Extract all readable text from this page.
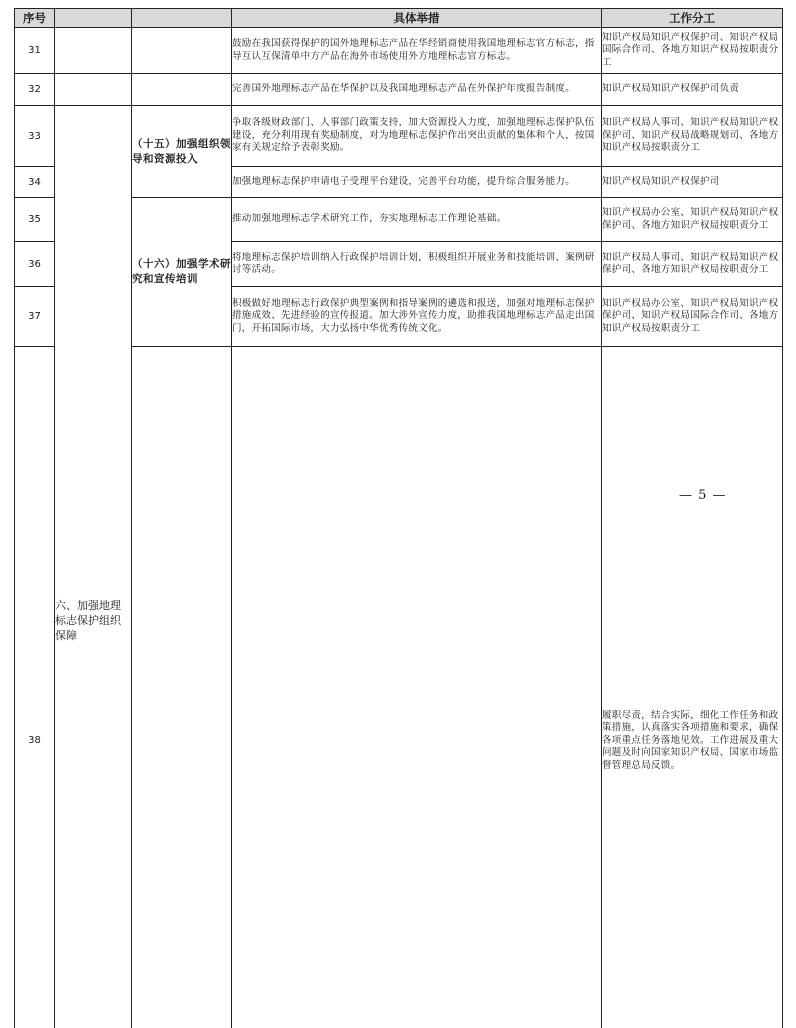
序号			具体举措	工作分工	
31			鼓励在我国获得保护的国外地理标志产品在华经销商使用我国地理标志官方标志，指导互认互保清单中方产品在海外市场使用外方地理标志官方标志。	知识产权局知识产权保护司、知识产权局国际合作司、各地方知识产权局按职责分工	

32			完善国外地理标志产品在华保护以及我国地理标志产品在外保护年度报告制度。	知识产权局知识产权保护司负责	

33	六、加强地理标志保护组织保障	（十五）加强组织领导和资源投入	争取各级财政部门、人事部门政策支持，加大资源投入力度，加强地理标志保护队伍建设，充分利用现有奖励制度，对为地理标志保护作出突出贡献的集体和个人，按国家有关规定给予表彰奖励。	知识产权局人事司、知识产权局知识产权保护司、知识产权局战略规划司、各地方知识产权局按职责分工	

34			加强地理标志保护申请电子受理平台建设，完善平台功能，提升综合服务能力。	知识产权局知识产权保护司	

35		（十六）加强学术研究和宣传培训	推动加强地理标志学术研究工作，夯实地理标志工作理论基础。	知识产权局办公室、知识产权局知识产权保护司、各地方知识产权局按职责分工	

36			将地理标志保护培训纳入行政保护培训计划，积极组织开展业务和技能培训、案例研讨等活动。	知识产权局人事司、知识产权局知识产权保护司、各地方知识产权局按职责分工	

37			积极做好地理标志行政保护典型案例和指导案例的遴选和报送，加强对地理标志保护措施成效、先进经验的宣传报道。加大涉外宣传力度，助推我国地理标志产品走出国门，开拓国际市场，大力弘扬中华优秀传统文化。	知识产权局办公室、知识产权局知识产权保护司、知识产权局国际合作司、各地方知识产权局按职责分工	

38				履职尽责，结合实际，细化工作任务和政策措施，认真落实各项措施和要求，确保各项重点任务落地见效。工作进展及重大问题及时向国家知识产权局、国家市场监督管理总局反馈。

— 5 —
